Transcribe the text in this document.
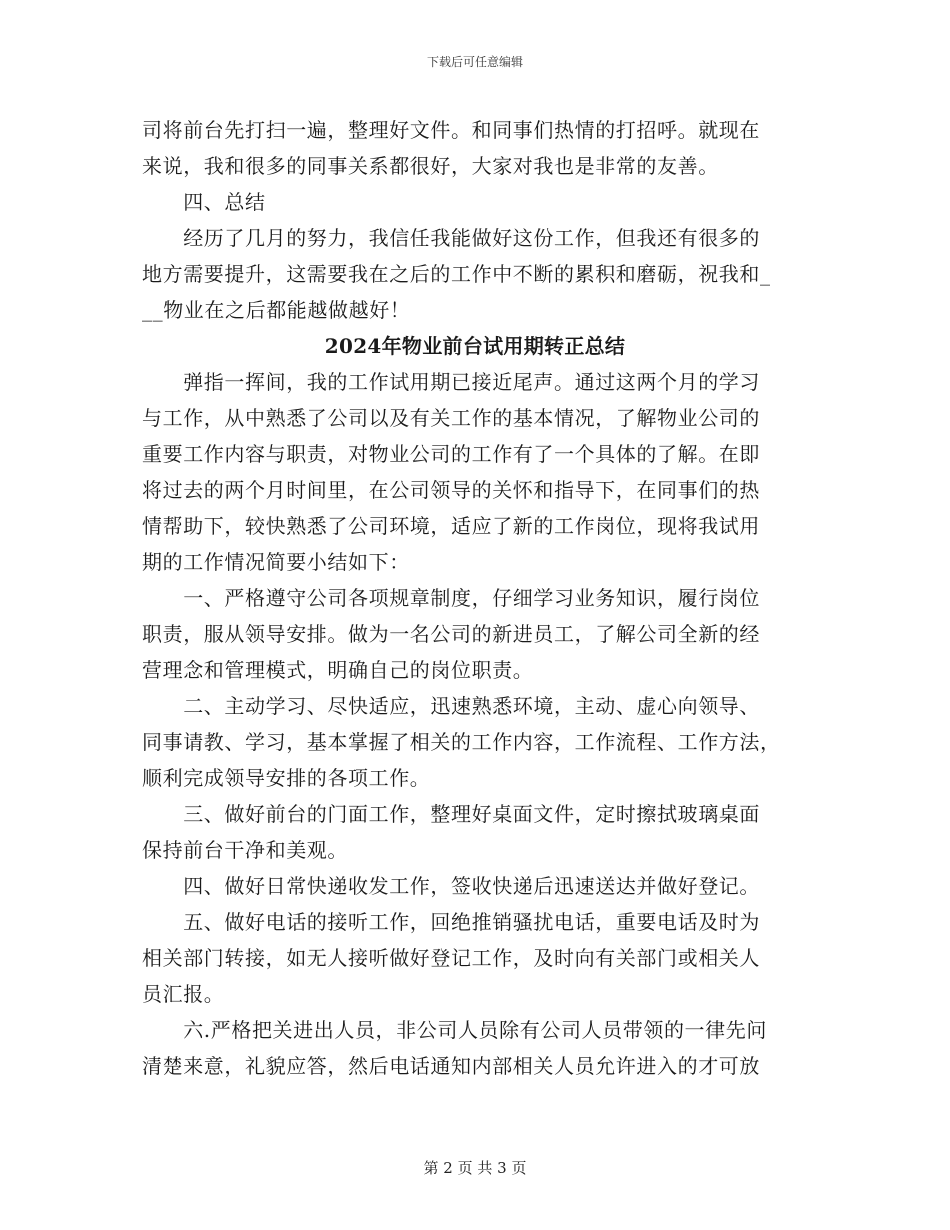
下载后可任意编辑
司将前台先打扫一遍，整理好文件。和同事们热情的打招呼。就现在
来说，我和很多的同事关系都很好，大家对我也是非常的友善。
　　四、总结
　　经历了几月的努力，我信任我能做好这份工作，但我还有很多的
地方需要提升，这需要我在之后的工作中不断的累积和磨砺，祝我和_
__物业在之后都能越做越好！
2024年物业前台试用期转正总结
　　弹指一挥间，我的工作试用期已接近尾声。通过这两个月的学习
与工作，从中熟悉了公司以及有关工作的基本情况，了解物业公司的
重要工作内容与职责，对物业公司的工作有了一个具体的了解。在即
将过去的两个月时间里，在公司领导的关怀和指导下，在同事们的热
情帮助下，较快熟悉了公司环境，适应了新的工作岗位，现将我试用
期的工作情况简要小结如下：
　　一、严格遵守公司各项规章制度，仔细学习业务知识，履行岗位
职责，服从领导安排。做为一名公司的新进员工，了解公司全新的经
营理念和管理模式，明确自己的岗位职责。
　　二、主动学习、尽快适应，迅速熟悉环境，主动、虚心向领导、
同事请教、学习，基本掌握了相关的工作内容，工作流程、工作方法，
顺利完成领导安排的各项工作。
　　三、做好前台的门面工作，整理好桌面文件，定时擦拭玻璃桌面
保持前台干净和美观。
　　四、做好日常快递收发工作，签收快递后迅速送达并做好登记。
　　五、做好电话的接听工作，回绝推销骚扰电话，重要电话及时为
相关部门转接，如无人接听做好登记工作，及时向有关部门或相关人
员汇报。
　　六.严格把关进出人员，非公司人员除有公司人员带领的一律先问
清楚来意，礼貌应答，然后电话通知内部相关人员允许进入的才可放
第 2 页 共 3 页
